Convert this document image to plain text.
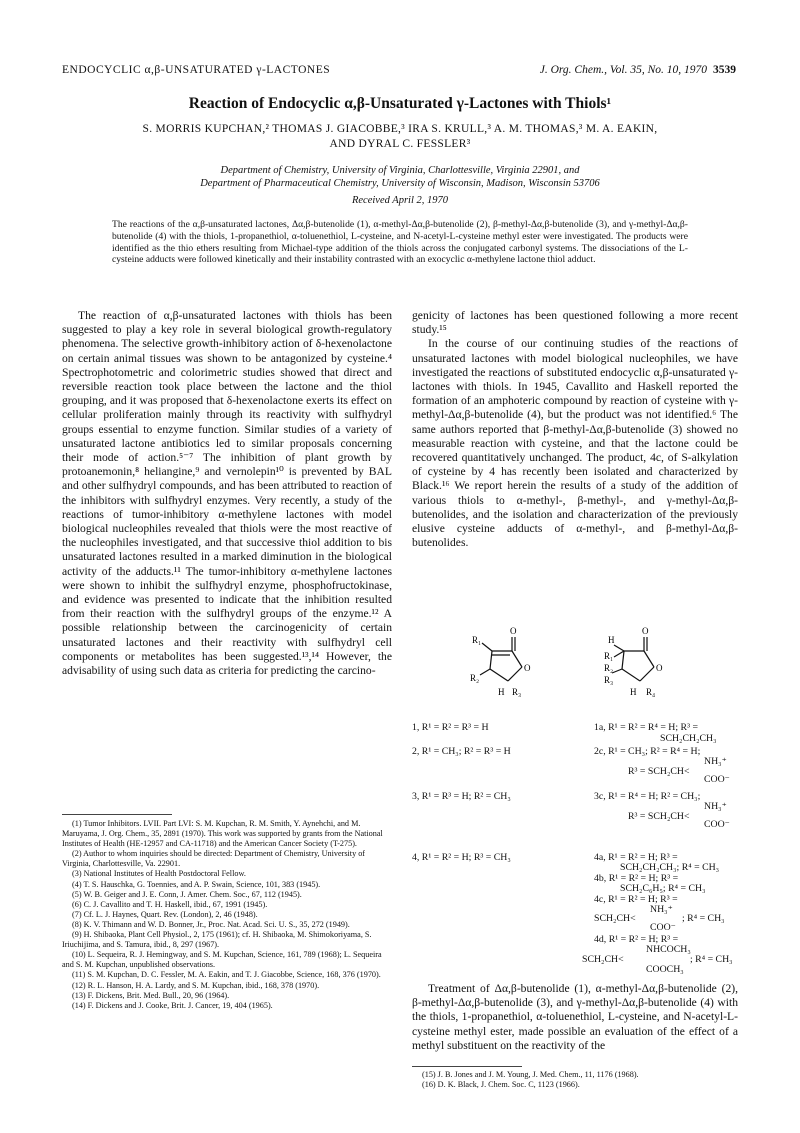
ENDOCYCLIC α,β-UNSATURATED γ-LACTONES	J. Org. Chem., Vol. 35, No. 10, 1970 3539
Reaction of Endocyclic α,β-Unsaturated γ-Lactones with Thiols¹
S. MORRIS KUPCHAN,² THOMAS J. GIACOBBE,³ IRA S. KRULL,³ A. M. THOMAS,³ M. A. EAKIN,
AND DYRAL C. FESSLER³
Department of Chemistry, University of Virginia, Charlottesville, Virginia 22901, and
Department of Pharmaceutical Chemistry, University of Wisconsin, Madison, Wisconsin 53706
Received April 2, 1970
The reactions of the α,β-unsaturated lactones, Δα,β-butenolide (1), α-methyl-Δα,β-butenolide (2), β-methyl-Δα,β-butenolide (3), and γ-methyl-Δα,β-butenolide (4) with the thiols, 1-propanethiol, α-toluenethiol, L-cysteine, and N-acetyl-L-cysteine methyl ester were investigated. The products were identified as the thio ethers resulting from Michael-type addition of the thiols across the conjugated carbonyl systems. The dissociations of the L-cysteine adducts were followed kinetically and their instability contrasted with an exocyclic α-methylene lactone thiol adduct.

The reaction of α,β-unsaturated lactones with thiols has been suggested to play a key role in several biological growth-regulatory phenomena. The selective growth-inhibitory action of δ-hexenolactone on certain animal tissues was shown to be antagonized by cysteine.⁴ Spectrophotometric and colorimetric studies showed that direct and reversible reaction took place between the lactone and the thiol grouping, and it was proposed that δ-hexenolactone exerts its effect on cellular proliferation mainly through its reactivity with sulfhydryl groups essential to enzyme function. Similar studies of a variety of unsaturated lactone antibiotics led to similar proposals concerning their mode of action.⁵⁻⁷ The inhibition of plant growth by protoanemonin,⁸ heliangine,⁹ and vernolepin¹⁰ is prevented by BAL and other sulfhydryl compounds, and has been attributed to reaction of the inhibitors with sulfhydryl enzymes. Very recently, a study of the reactions of tumor-inhibitory α-methylene lactones with model biological nucleophiles revealed that thiols were the most reactive of the nucleophiles investigated, and that successive thiol addition to bis unsaturated lactones resulted in a marked diminution in the biological activity of the adducts.¹¹ The tumor-inhibitory α-methylene lactones were shown to inhibit the sulfhydryl enzyme, phosphofructokinase, and evidence was presented to indicate that the inhibition resulted from their reaction with the sulfhydryl groups of the enzyme.¹² A possible relationship between the carcinogenicity of certain unsaturated lactones and their reactivity with sulfhydryl cell components or metabolites has been suggested.¹³,¹⁴ However, the advisability of using such data as criteria for predicting the carcino-

genicity of lactones has been questioned following a more recent study.¹⁵

In the course of our continuing studies of the reactions of unsaturated lactones with model biological nucleophiles, we have investigated the reactions of substituted endocyclic α,β-unsaturated γ-lactones with thiols. In 1945, Cavallito and Haskell reported the formation of an amphoteric compound by reaction of cysteine with γ-methyl-Δα,β-butenolide (4), but the product was not identified.⁶ The same authors reported that β-methyl-Δα,β-butenolide (3) showed no measurable reaction with cysteine, and that the lactone could be recovered quantitatively unchanged. The product, 4c, of S-alkylation of cysteine by 4 has recently been isolated and characterized by Black.¹⁶ We report herein the results of a study of the addition of various thiols to α-methyl-, β-methyl-, and γ-methyl-Δα,β-butenolides, and the isolation and characterization of the previously elusive cysteine adducts of α-methyl-, and β-methyl-Δα,β-butenolides.

R₁
O
O
R₂
H R₃
H
O
R₁
O
R₂
R₃
H R₄
1, R¹ = R² = R³ = H
2, R¹ = CH₃; R² = R³ = H
3, R¹ = R³ = H; R² = CH₃
4, R¹ = R² = H; R³ = CH₃
1a, R¹ = R² = R⁴ = H; R³ =
SCH₂CH₂CH₃
2c, R¹ = CH₃; R² = R⁴ = H;
NH₃⁺
R³ = SCH₂CH<
COO⁻
3c, R¹ = R⁴ = H; R² = CH₃;
NH₃⁺
R³ = SCH₂CH<
COO⁻
4a, R¹ = R² = H; R³ =
SCH₂CH₂CH₃; R⁴ = CH₃
4b, R¹ = R² = H; R³ =
SCH₂C₆H₅; R⁴ = CH₃
4c, R¹ = R² = H; R³ =
NH₃⁺
SCH₂CH<	; R⁴ = CH₃
COO⁻
4d, R¹ = R² = H; R³ =
NHCOCH₃
SCH₂CH<	; R⁴ = CH₃
COOCH₃

Treatment of Δα,β-butenolide (1), α-methyl-Δα,β-butenolide (2), β-methyl-Δα,β-butenolide (3), and γ-methyl-Δα,β-butenolide (4) with the thiols, 1-propanethiol, α-toluenethiol, L-cysteine, and N-acetyl-L-cysteine methyl ester, made possible an evaluation of the effect of a methyl substituent on the reactivity of the

(1) Tumor Inhibitors. LVII. Part LVI: S. M. Kupchan, R. M. Smith, Y. Aynehchi, and M. Maruyama, J. Org. Chem., 35, 2891 (1970). This work was supported by grants from the National Institutes of Health (HE-12957 and CA-11718) and the American Cancer Society (T-275).
(2) Author to whom inquiries should be directed: Department of Chemistry, University of Virginia, Charlottesville, Va. 22901.
(3) National Institutes of Health Postdoctoral Fellow.
(4) T. S. Hauschka, G. Toennies, and A. P. Swain, Science, 101, 383 (1945).
(5) W. B. Geiger and J. E. Conn, J. Amer. Chem. Soc., 67, 112 (1945).
(6) C. J. Cavallito and T. H. Haskell, ibid., 67, 1991 (1945).
(7) Cf. L. J. Haynes, Quart. Rev. (London), 2, 46 (1948).
(8) K. V. Thimann and W. D. Bonner, Jr., Proc. Nat. Acad. Sci. U. S., 35, 272 (1949).
(9) H. Shibaoka, Plant Cell Physiol., 2, 175 (1961); cf. H. Shibaoka, M. Shimokoriyama, S. Iriuchijima, and S. Tamura, ibid., 8, 297 (1967).
(10) L. Sequeira, R. J. Hemingway, and S. M. Kupchan, Science, 161, 789 (1968); L. Sequeira and S. M. Kupchan, unpublished observations.
(11) S. M. Kupchan, D. C. Fessler, M. A. Eakin, and T. J. Giacobbe, Science, 168, 376 (1970).
(12) R. L. Hanson, H. A. Lardy, and S. M. Kupchan, ibid., 168, 378 (1970).
(13) F. Dickens, Brit. Med. Bull., 20, 96 (1964).
(14) F. Dickens and J. Cooke, Brit. J. Cancer, 19, 404 (1965).
(15) J. B. Jones and J. M. Young, J. Med. Chem., 11, 1176 (1968).
(16) D. K. Black, J. Chem. Soc. C, 1123 (1966).
